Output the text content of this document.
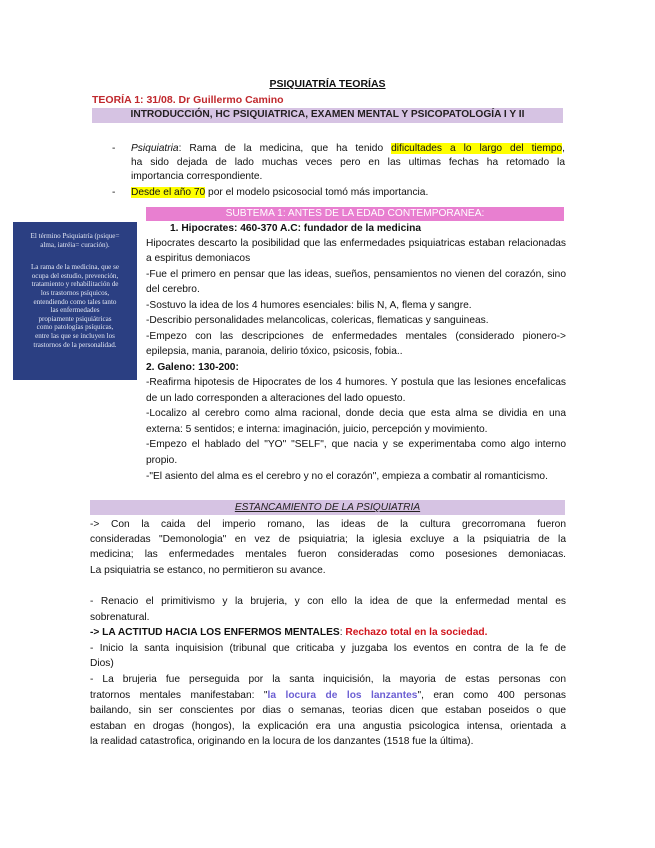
PSIQUIATRÍA TEORÍAS
TEORÍA 1: 31/08. Dr Guillermo Camino
INTRODUCCIÓN, HC PSIQUIATRICA, EXAMEN MENTAL Y PSICOPATOLOGÍA I Y II
- Psiquiatria: Rama de la medicina, que ha tenido dificultades a lo largo del tiempo,
ha sido dejada de lado muchas veces pero en las ultimas fechas ha retomado la
importancia correspondiente.
- Desde el año 70 por el modelo psicosocial tomó más importancia.
SUBTEMA 1: ANTES DE LA EDAD CONTEMPORANEA:

El término Psiquiatría (psique=

alma, iatréia= curación).

La rama de la medicina, que se

ocupa del estudio, prevención,

tratamiento y rehabilitación de

los trastornos psíquicos,

entendiendo como tales tanto

las enfermedades

propiamente psiquiátricas

como patologías psíquicas,

entre las que se incluyen los

trastornos de la personalidad.

1. Hipocrates: 460-370 A.C: fundador de la medicina
Hipocrates descarto la posibilidad que las enfermedades psiquiatricas estaban relacionadas
a espiritus demoniacos
-Fue el primero en pensar que las ideas, sueños, pensamientos no vienen del corazón, sino
del cerebro.
-Sostuvo la idea de los 4 humores esenciales: bilis N, A, flema y sangre.
-Describio personalidades melancolicas, colericas, flematicas y sanguineas.
-Empezo con las descripciones de enfermedades mentales (considerado pionero->
epilepsia, mania, paranoia, delirio tóxico, psicosis, fobia..
2. Galeno: 130-200:
-Reafirma hipotesis de Hipocrates de los 4 humores. Y postula que las lesiones encefalicas
de un lado corresponden a alteraciones del lado opuesto.
-Localizo al cerebro como alma racional, donde decia que esta alma se dividia en una
externa: 5 sentidos; e interna: imaginación, juicio, percepción y movimiento.
-Empezo el hablado del "YO" "SELF", que nacia y se experimentaba como algo interno
propio.
-"El asiento del alma es el cerebro y no el corazón", empieza a combatir al romanticismo.
ESTANCAMIENTO DE LA PSIQUIATRIA
-> Con la caida del imperio romano, las ideas de la cultura grecorromana fueron
consideradas "Demonologia" en vez de psiquiatria; la iglesia excluye a la psiquiatria de la
medicina; las enfermedades mentales fueron consideradas como posesiones demoniacas.
La psiquiatria se estanco, no permitieron su avance.
- Renacio el primitivismo y la brujeria, y con ello la idea de que la enfermedad mental es
sobrenatural.
-> LA ACTITUD HACIA LOS ENFERMOS MENTALES: Rechazo total en la sociedad.
- Inicio la santa inquisision (tribunal que criticaba y juzgaba los eventos en contra de la fe de
Dios)
- La brujeria fue perseguida por la santa inquicisión, la mayoria de estas personas con
tratornos mentales manifestaban: "la locura de los lanzantes", eran como 400 personas
bailando, sin ser conscientes por dias o semanas, teorias dicen que estaban poseidos o que
estaban en drogas (hongos), la explicación era una angustia psicologica intensa, orientada a
la realidad catastrofica, originando en la locura de los danzantes (1518 fue la última).
